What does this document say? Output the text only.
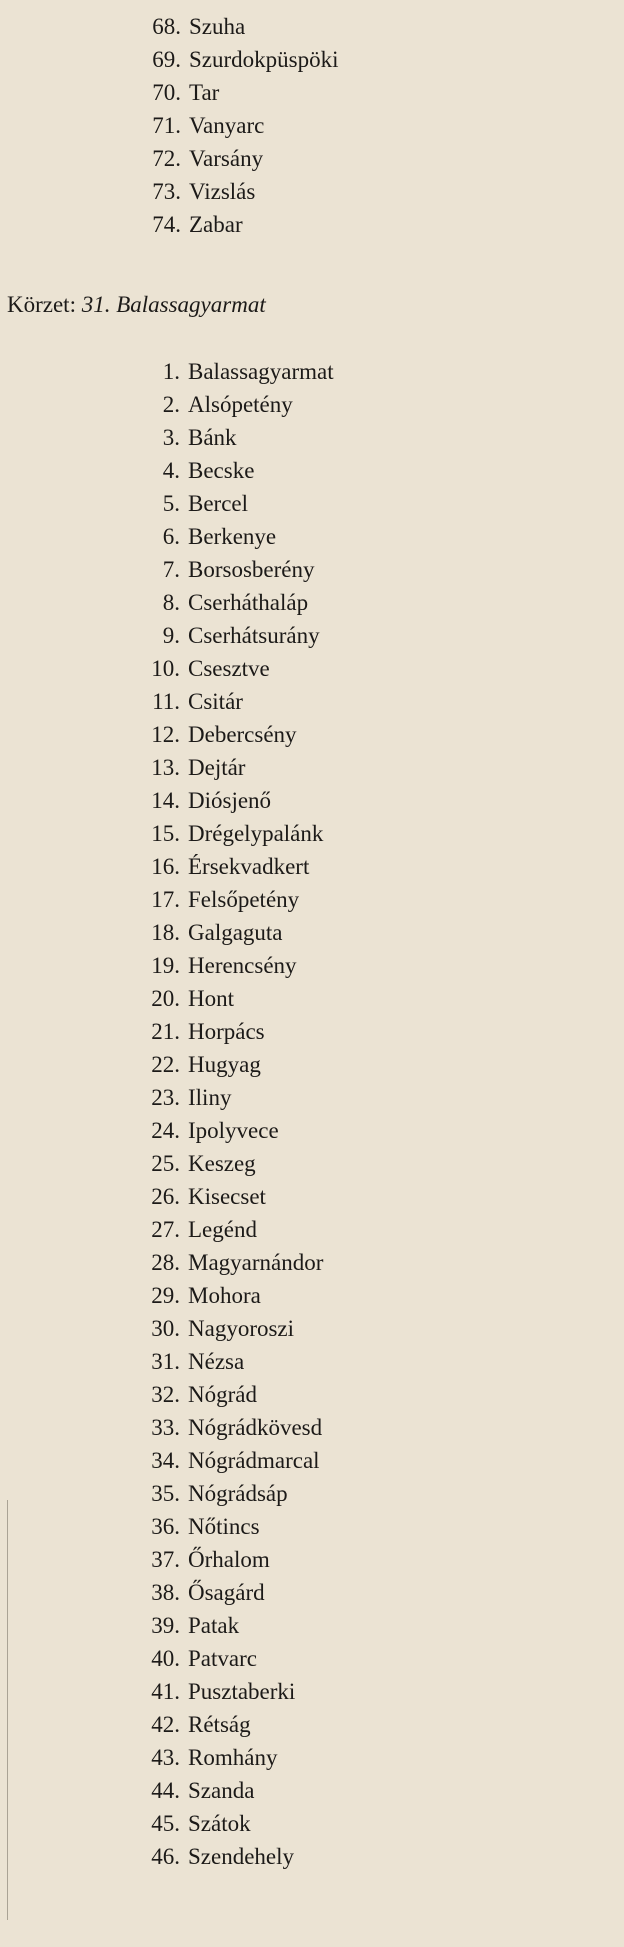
68. Szuha
69. Szurdokpüspöki
70. Tar
71. Vanyarc
72. Varsány
73. Vizslás
74. Zabar
Körzet: 31. Balassagyarmat
1. Balassagyarmat
2. Alsópetény
3. Bánk
4. Becske
5. Bercel
6. Berkenye
7. Borsosberény
8. Cserháthaláp
9. Cserhátsurány
10. Csesztve
11. Csitár
12. Debercsény
13. Dejtár
14. Diósjenő
15. Drégelypalánk
16. Érsekvadkert
17. Felsőpetény
18. Galgaguta
19. Herencsény
20. Hont
21. Horpács
22. Hugyag
23. Iliny
24. Ipolyvece
25. Keszeg
26. Kisecset
27. Legénd
28. Magyarnándor
29. Mohora
30. Nagyoroszi
31. Nézsa
32. Nógrád
33. Nógrádkövesd
34. Nógrádmarcal
35. Nógrádsáp
36. Nőtincs
37. Őrhalom
38. Ősagárd
39. Patak
40. Patvarc
41. Pusztaberki
42. Rétság
43. Romhány
44. Szanda
45. Szátok
46. Szendehely
